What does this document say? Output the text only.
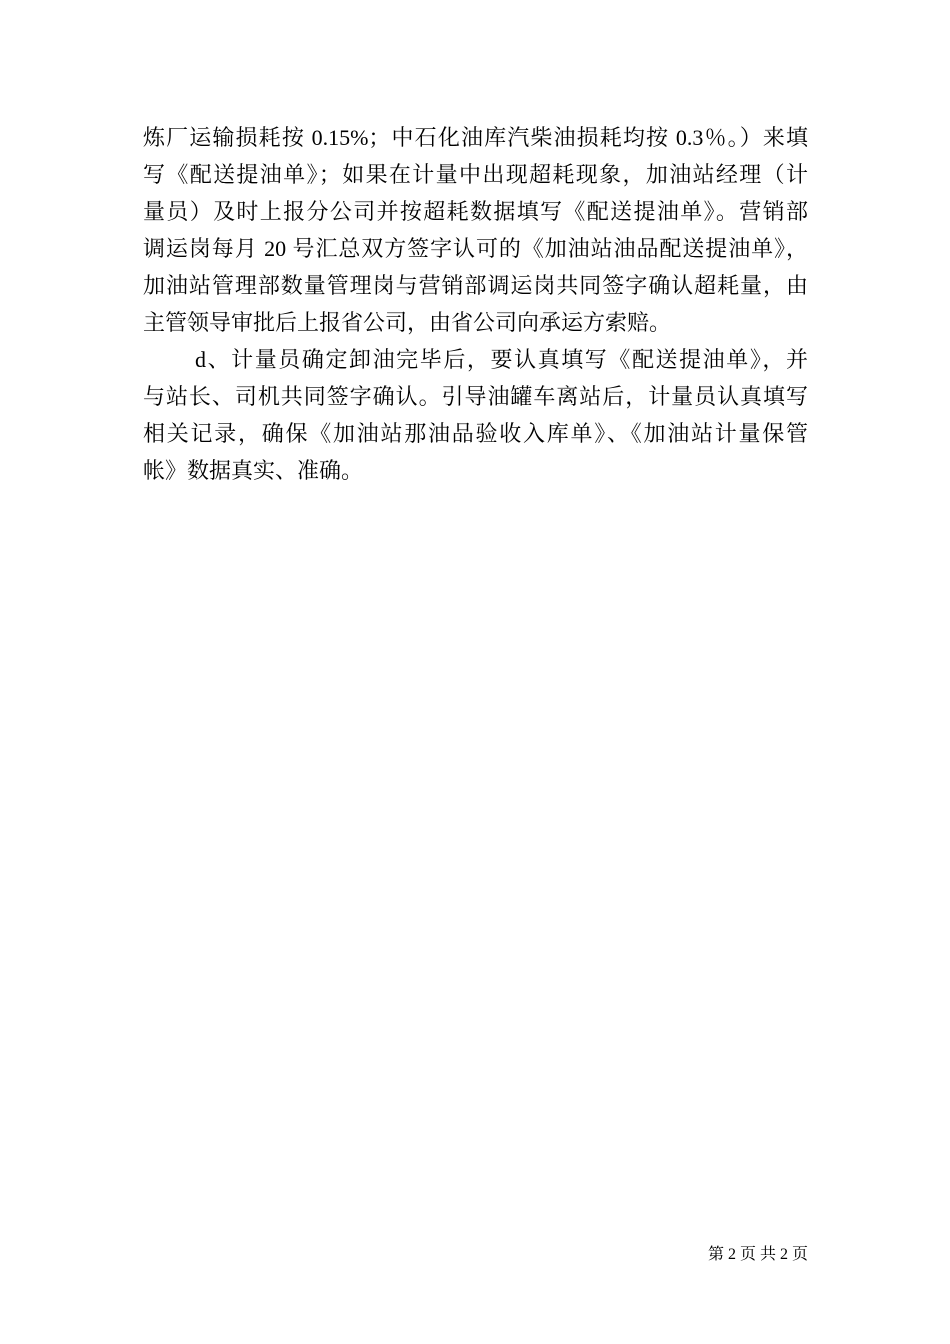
炼厂运输损耗按 0.15%；中石化油库汽柴油损耗均按 0.3％。）来填
写《配送提油单》；如果在计量中出现超耗现象，加油站经理（计
量员）及时上报分公司并按超耗数据填写《配送提油单》。营销部
调运岗每月 20 号汇总双方签字认可的《加油站油品配送提油单》，
加油站管理部数量管理岗与营销部调运岗共同签字确认超耗量，由
主管领导审批后上报省公司，由省公司向承运方索赔。
d、计量员确定卸油完毕后，要认真填写《配送提油单》，并
与站长、司机共同签字确认。引导油罐车离站后，计量员认真填写
相关记录，确保《加油站那油品验收入库单》、《加油站计量保管
帐》数据真实、准确。
第 2 页 共 2 页
